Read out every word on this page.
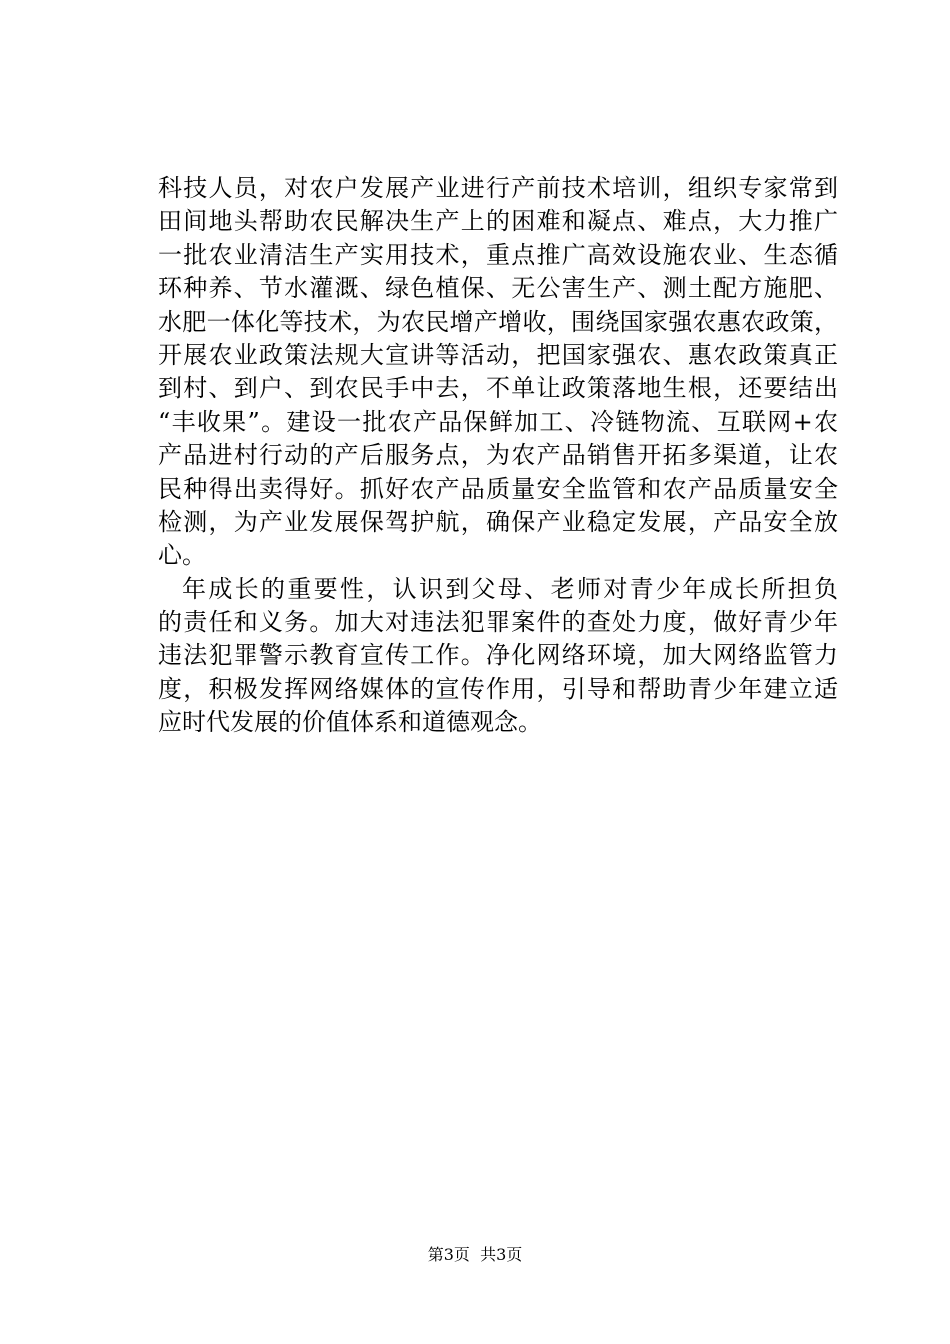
科技人员，对农户发展产业进行产前技术培训，组织专家常到
田间地头帮助农民解决生产上的困难和凝点、难点，大力推广
一批农业清洁生产实用技术，重点推广高效设施农业、生态循
环种养、节水灌溉、绿色植保、无公害生产、测土配方施肥、
水肥一体化等技术，为农民增产增收，围绕国家强农惠农政策，
开展农业政策法规大宣讲等活动，把国家强农、惠农政策真正
到村、到户、到农民手中去，不单让政策落地生根，还要结出
“丰收果”。建设一批农产品保鲜加工、冷链物流、互联网+农
产品进村行动的产后服务点，为农产品销售开拓多渠道，让农
民种得出卖得好。抓好农产品质量安全监管和农产品质量安全
检测，为产业发展保驾护航，确保产业稳定发展，产品安全放
心。
年成长的重要性，认识到父母、老师对青少年成长所担负
的责任和义务。加大对违法犯罪案件的查处力度，做好青少年
违法犯罪警示教育宣传工作。净化网络环境，加大网络监管力
度，积极发挥网络媒体的宣传作用，引导和帮助青少年建立适
应时代发展的价值体系和道德观念。
第3页  共3页
